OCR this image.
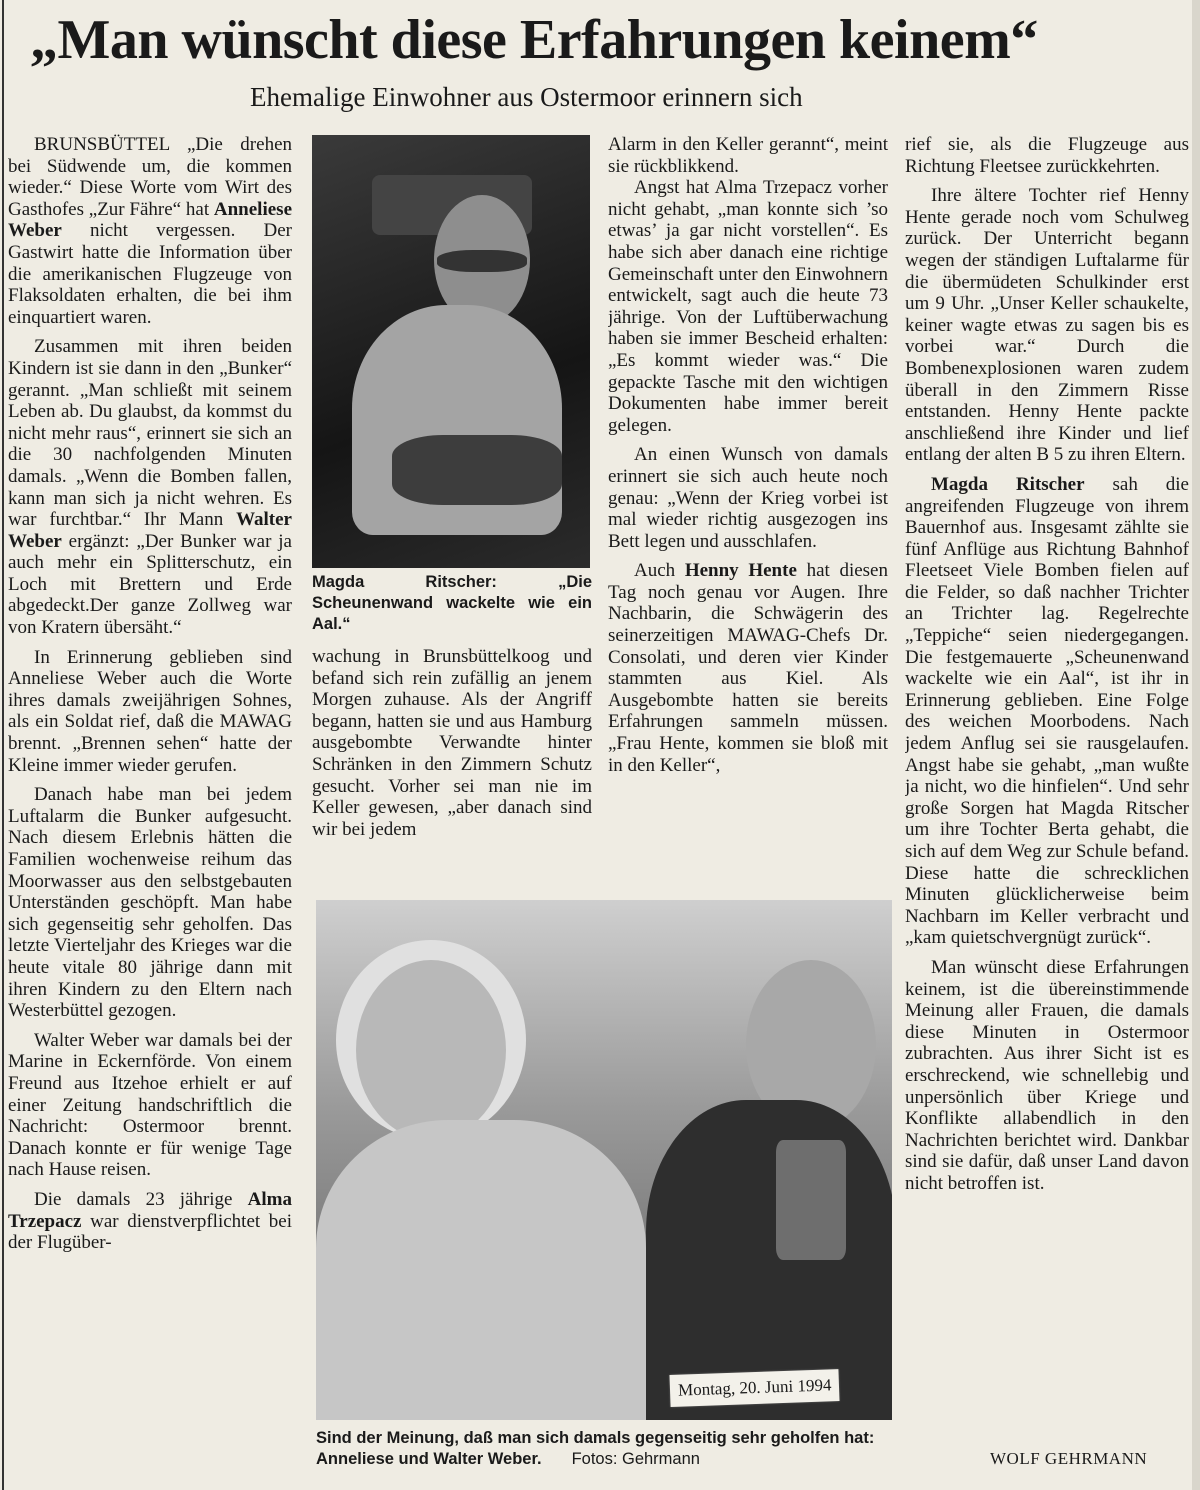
„Man wünscht diese Erfahrungen keinem“
Ehemalige Einwohner aus Ostermoor erinnern sich

BRUNSBÜTTEL „Die drehen bei Südwende um, die kommen wieder.“ Diese Worte vom Wirt des Gasthofes „Zur Fähre“ hat Anneliese Weber nicht vergessen. Der Gastwirt hatte die Information über die amerikanischen Flugzeuge von Flaksoldaten erhalten, die bei ihm einquartiert waren.

Zusammen mit ihren beiden Kindern ist sie dann in den „Bunker“ gerannt. „Man schließt mit seinem Leben ab. Du glaubst, da kommst du nicht mehr raus“, erinnert sie sich an die 30 nachfolgenden Minuten damals. „Wenn die Bomben fallen, kann man sich ja nicht wehren. Es war furchtbar.“ Ihr Mann Walter Weber ergänzt: „Der Bunker war ja auch mehr ein Splitterschutz, ein Loch mit Brettern und Erde abgedeckt.Der ganze Zollweg war von Kratern übersäht.“

In Erinnerung geblieben sind Anneliese Weber auch die Worte ihres damals zweijährigen Sohnes, als ein Soldat rief, daß die MAWAG brennt. „Brennen sehen“ hatte der Kleine immer wieder gerufen.

Danach habe man bei jedem Luftalarm die Bunker aufgesucht. Nach diesem Erlebnis hätten die Familien wochenweise reihum das Moorwasser aus den selbstgebauten Unterständen geschöpft. Man habe sich gegenseitig sehr geholfen. Das letzte Vierteljahr des Krieges war die heute vitale 80 jährige dann mit ihren Kindern zu den Eltern nach Westerbüttel gezogen.

Walter Weber war damals bei der Marine in Eckernförde. Von einem Freund aus Itzehoe erhielt er auf einer Zeitung handschriftlich die Nachricht: Ostermoor brennt. Danach konnte er für wenige Tage nach Hause reisen.

Die damals 23 jährige Alma Trzepacz war dienstverpflichtet bei der Flugüber-

Magda Ritscher: „Die Scheunenwand wackelte wie ein Aal.“

wachung in Brunsbüttelkoog und befand sich rein zufällig an jenem Morgen zuhause. Als der Angriff begann, hatten sie und aus Hamburg ausgebombte Verwandte hinter Schränken in den Zimmern Schutz gesucht. Vorher sei man nie im Keller gewesen, „aber danach sind wir bei jedem

Alarm in den Keller gerannt“, meint sie rückblikkend.

Angst hat Alma Trzepacz vorher nicht gehabt, „man konnte sich ’so etwas’ ja gar nicht vorstellen“. Es habe sich aber danach eine richtige Gemeinschaft unter den Einwohnern entwickelt, sagt auch die heute 73 jährige. Von der Luftüberwachung haben sie immer Bescheid erhalten: „Es kommt wieder was.“ Die gepackte Tasche mit den wichtigen Dokumenten habe immer bereit gelegen.

An einen Wunsch von damals erinnert sie sich auch heute noch genau: „Wenn der Krieg vorbei ist mal wieder richtig ausgezogen ins Bett legen und ausschlafen.

Auch Henny Hente hat diesen Tag noch genau vor Augen. Ihre Nachbarin, die Schwägerin des seinerzeitigen MAWAG-Chefs Dr. Consolati, und deren vier Kinder stammten aus Kiel. Als Ausgebombte hatten sie bereits Erfahrungen sammeln müssen. „Frau Hente, kommen sie bloß mit in den Keller“,

Montag, 20. Juni 1994
Sind der Meinung, daß man sich damals gegenseitig sehr geholfen hat: Anneliese und Walter Weber. Fotos: Gehrmann

rief sie, als die Flugzeuge aus Richtung Fleetsee zurückkehrten.

Ihre ältere Tochter rief Henny Hente gerade noch vom Schulweg zurück. Der Unterricht begann wegen der ständigen Luftalarme für die übermüdeten Schulkinder erst um 9 Uhr. „Unser Keller schaukelte, keiner wagte etwas zu sagen bis es vorbei war.“ Durch die Bombenexplosionen waren zudem überall in den Zimmern Risse entstanden. Henny Hente packte anschließend ihre Kinder und lief entlang der alten B 5 zu ihren Eltern.

Magda Ritscher sah die angreifenden Flugzeuge von ihrem Bauernhof aus. Insgesamt zählte sie fünf Anflüge aus Richtung Bahnhof Fleetseet Viele Bomben fielen auf die Felder, so daß nachher Trichter an Trichter lag. Regelrechte „Teppiche“ seien niedergegangen. Die festgemauerte „Scheunenwand wackelte wie ein Aal“, ist ihr in Erinnerung geblieben. Eine Folge des weichen Moorbodens. Nach jedem Anflug sei sie rausgelaufen. Angst habe sie gehabt, „man wußte ja nicht, wo die hinfielen“. Und sehr große Sorgen hat Magda Ritscher um ihre Tochter Berta gehabt, die sich auf dem Weg zur Schule befand. Diese hatte die schrecklichen Minuten glücklicherweise beim Nachbarn im Keller verbracht und „kam quietschvergnügt zurück“.

Man wünscht diese Erfahrungen keinem, ist die übereinstimmende Meinung aller Frauen, die damals diese Minuten in Ostermoor zubrachten. Aus ihrer Sicht ist es erschreckend, wie schnellebig und unpersönlich über Kriege und Konflikte allabendlich in den Nachrichten berichtet wird. Dankbar sind sie dafür, daß unser Land davon nicht betroffen ist.

WOLF GEHRMANN
